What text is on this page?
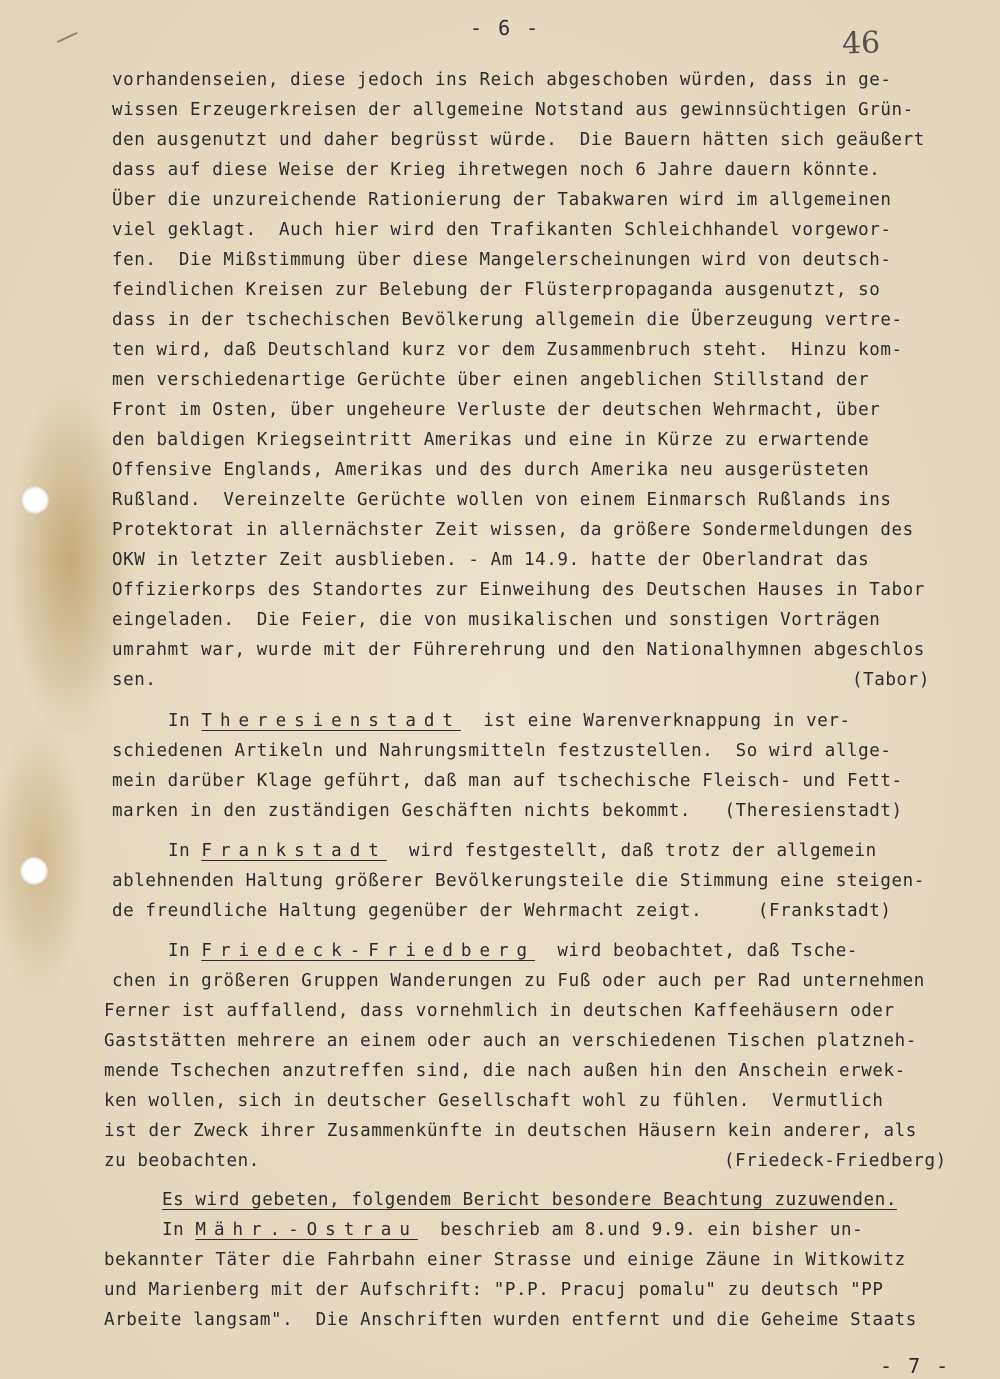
- 6 -	46
vorhandenseien, diese jedoch ins Reich abgeschoben würden, dass in ge-
wissen Erzeugerkreisen der allgemeine Notstand aus gewinnsüchtigen Grün-
den ausgenutzt und daher begrüsst würde.  Die Bauern hätten sich geäußert
dass auf diese Weise der Krieg ihretwegen noch 6 Jahre dauern könnte.
Über die unzureichende Rationierung der Tabakwaren wird im allgemeinen
viel geklagt.  Auch hier wird den Trafikanten Schleichhandel vorgewor-
fen.  Die Mißstimmung über diese Mangelerscheinungen wird von deutsch-
feindlichen Kreisen zur Belebung der Flüsterpropaganda ausgenutzt, so
dass in der tschechischen Bevölkerung allgemein die Überzeugung vertre-
ten wird, daß Deutschland kurz vor dem Zusammenbruch steht.  Hinzu kom-
men verschiedenartige Gerüchte über einen angeblichen Stillstand der
Front im Osten, über ungeheure Verluste der deutschen Wehrmacht, über
den baldigen Kriegseintritt Amerikas und eine in Kürze zu erwartende
Offensive Englands, Amerikas und des durch Amerika neu ausgerüsteten
Rußland.  Vereinzelte Gerüchte wollen von einem Einmarsch Rußlands ins
Protektorat in allernächster Zeit wissen, da größere Sondermeldungen des
OKW in letzter Zeit ausblieben. - Am 14.9. hatte der Oberlandrat das
Offizierkorps des Standortes zur Einweihung des Deutschen Hauses in Tabor
eingeladen.  Die Feier, die von musikalischen und sonstigen Vorträgen
umrahmt war, wurde mit der Führerehrung und den Nationalhymnen abgeschlos
sen.	(Tabor)
In Theresienstadt  ist eine Warenverknappung in ver-
schiedenen Artikeln und Nahrungsmitteln festzustellen.  So wird allge-
mein darüber Klage geführt, daß man auf tschechische Fleisch- und Fett-
marken in den zuständigen Geschäften nichts bekommt.   (Theresienstadt)
In Frankstadt  wird festgestellt, daß trotz der allgemein
ablehnenden Haltung größerer Bevölkerungsteile die Stimmung eine steigen-
de freundliche Haltung gegenüber der Wehrmacht zeigt.     (Frankstadt)
In Friedeck-Friedberg  wird beobachtet, daß Tsche-
chen in größeren Gruppen Wanderungen zu Fuß oder auch per Rad unternehmen
Ferner ist auffallend, dass vornehmlich in deutschen Kaffeehäusern oder
Gaststätten mehrere an einem oder auch an verschiedenen Tischen platzneh-
mende Tschechen anzutreffen sind, die nach außen hin den Anschein erwek-
ken wollen, sich in deutscher Gesellschaft wohl zu fühlen.  Vermutlich
ist der Zweck ihrer Zusammenkünfte in deutschen Häusern kein anderer, als
zu beobachten.	(Friedeck-Friedberg)
Es wird gebeten, folgendem Bericht besondere Beachtung zuzuwenden.
In Mähr.-Ostrau  beschrieb am 8.und 9.9. ein bisher un-
bekannter Täter die Fahrbahn einer Strasse und einige Zäune in Witkowitz
und Marienberg mit der Aufschrift: "P.P. Pracuj pomalu" zu deutsch "PP
Arbeite langsam".  Die Anschriften wurden entfernt und die Geheime Staats
- 7 -
